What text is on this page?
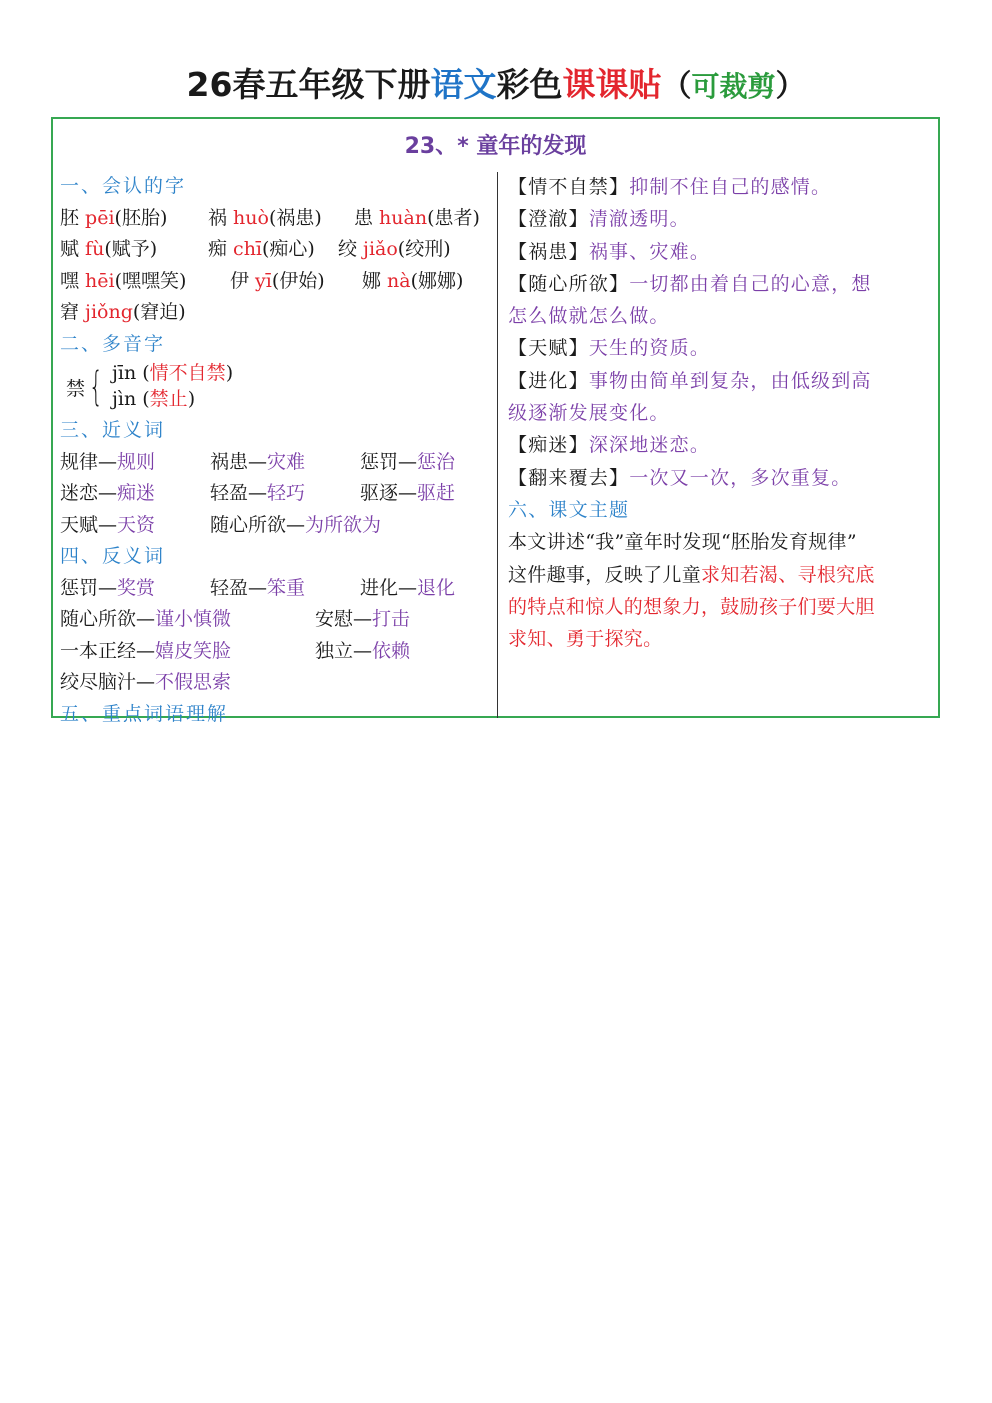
26春五年级下册语文彩色课课贴（可裁剪）
23、* 童年的发现
一、会认的字
胚 pēi(胚胎) 祸 huò(祸患) 患 huàn(患者)
赋 fù(赋予)	痴 chī(痴心) 绞 jiǎo(绞刑)
嘿 hēi(嘿嘿笑) 伊 yī(伊始) 娜 nà(娜娜)
窘 jiǒng(窘迫)
二、多音字
禁 { jīn (情不自禁)
jìn (禁止)
三、近义词
规律—规则	祸患—灾难	惩罚—惩治
迷恋—痴迷	轻盈—轻巧	驱逐—驱赶
天赋—天资	随心所欲—为所欲为
四、反义词
惩罚—奖赏	轻盈—笨重	进化—退化
随心所欲—谨小慎微	安慰—打击
一本正经—嬉皮笑脸	独立—依赖
绞尽脑汁—不假思索
五、重点词语理解
【情不自禁】抑制不住自己的感情。
【澄澈】清澈透明。
【祸患】祸事、灾难。
【随心所欲】一切都由着自己的心意，想
怎么做就怎么做。
【天赋】天生的资质。
【进化】事物由简单到复杂，由低级到高
级逐渐发展变化。
【痴迷】深深地迷恋。
【翻来覆去】一次又一次，多次重复。
六、课文主题
本文讲述“我”童年时发现“胚胎发育规律”
这件趣事，反映了儿童求知若渴、寻根究底
的特点和惊人的想象力，鼓励孩子们要大胆
求知、勇于探究。
